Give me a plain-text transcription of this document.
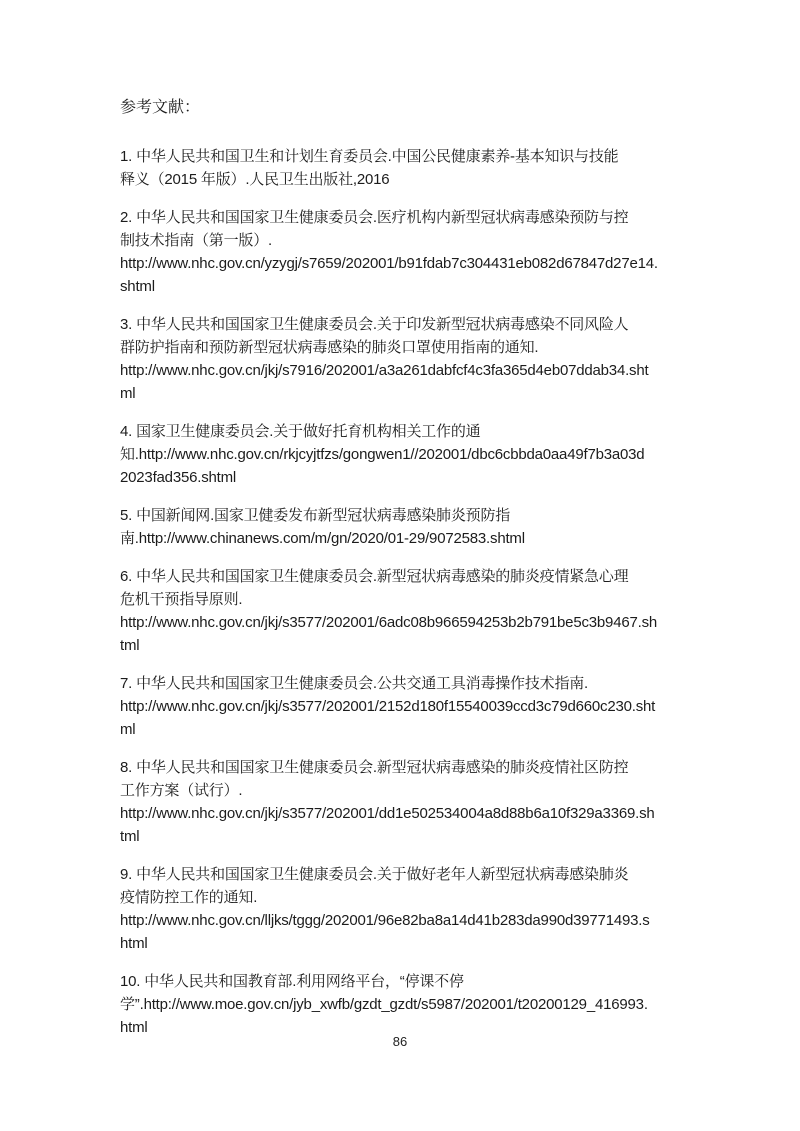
参考文献：

1. 中华人民共和国卫生和计划生育委员会.中国公民健康素养-基本知识与技能
释义（2015 年版）.人民卫生出版社,2016

2. 中华人民共和国国家卫生健康委员会.医疗机构内新型冠状病毒感染预防与控
制技术指南（第一版）.
http://www.nhc.gov.cn/yzygj/s7659/202001/b91fdab7c304431eb082d67847d27e14.
shtml

3. 中华人民共和国国家卫生健康委员会.关于印发新型冠状病毒感染不同风险人
群防护指南和预防新型冠状病毒感染的肺炎口罩使用指南的通知.
http://www.nhc.gov.cn/jkj/s7916/202001/a3a261dabfcf4c3fa365d4eb07ddab34.sht
ml

4. 国家卫生健康委员会.关于做好托育机构相关工作的通
知.http://www.nhc.gov.cn/rkjcyjtfzs/gongwen1//202001/dbc6cbbda0aa49f7b3a03d
2023fad356.shtml

5. 中国新闻网.国家卫健委发布新型冠状病毒感染肺炎预防指
南.http://www.chinanews.com/m/gn/2020/01-29/9072583.shtml

6. 中华人民共和国国家卫生健康委员会.新型冠状病毒感染的肺炎疫情紧急心理
危机干预指导原则.
http://www.nhc.gov.cn/jkj/s3577/202001/6adc08b966594253b2b791be5c3b9467.sh
tml

7. 中华人民共和国国家卫生健康委员会.公共交通工具消毒操作技术指南.
http://www.nhc.gov.cn/jkj/s3577/202001/2152d180f15540039ccd3c79d660c230.sht
ml

8. 中华人民共和国国家卫生健康委员会.新型冠状病毒感染的肺炎疫情社区防控
工作方案（试行）.
http://www.nhc.gov.cn/jkj/s3577/202001/dd1e502534004a8d88b6a10f329a3369.sh
tml

9. 中华人民共和国国家卫生健康委员会.关于做好老年人新型冠状病毒感染肺炎
疫情防控工作的通知.
http://www.nhc.gov.cn/lljks/tggg/202001/96e82ba8a14d41b283da990d39771493.s
html

10. 中华人民共和国教育部.利用网络平台，“停课不停
学”.http://www.moe.gov.cn/jyb_xwfb/gzdt_gzdt/s5987/202001/t20200129_416993.
html

86
